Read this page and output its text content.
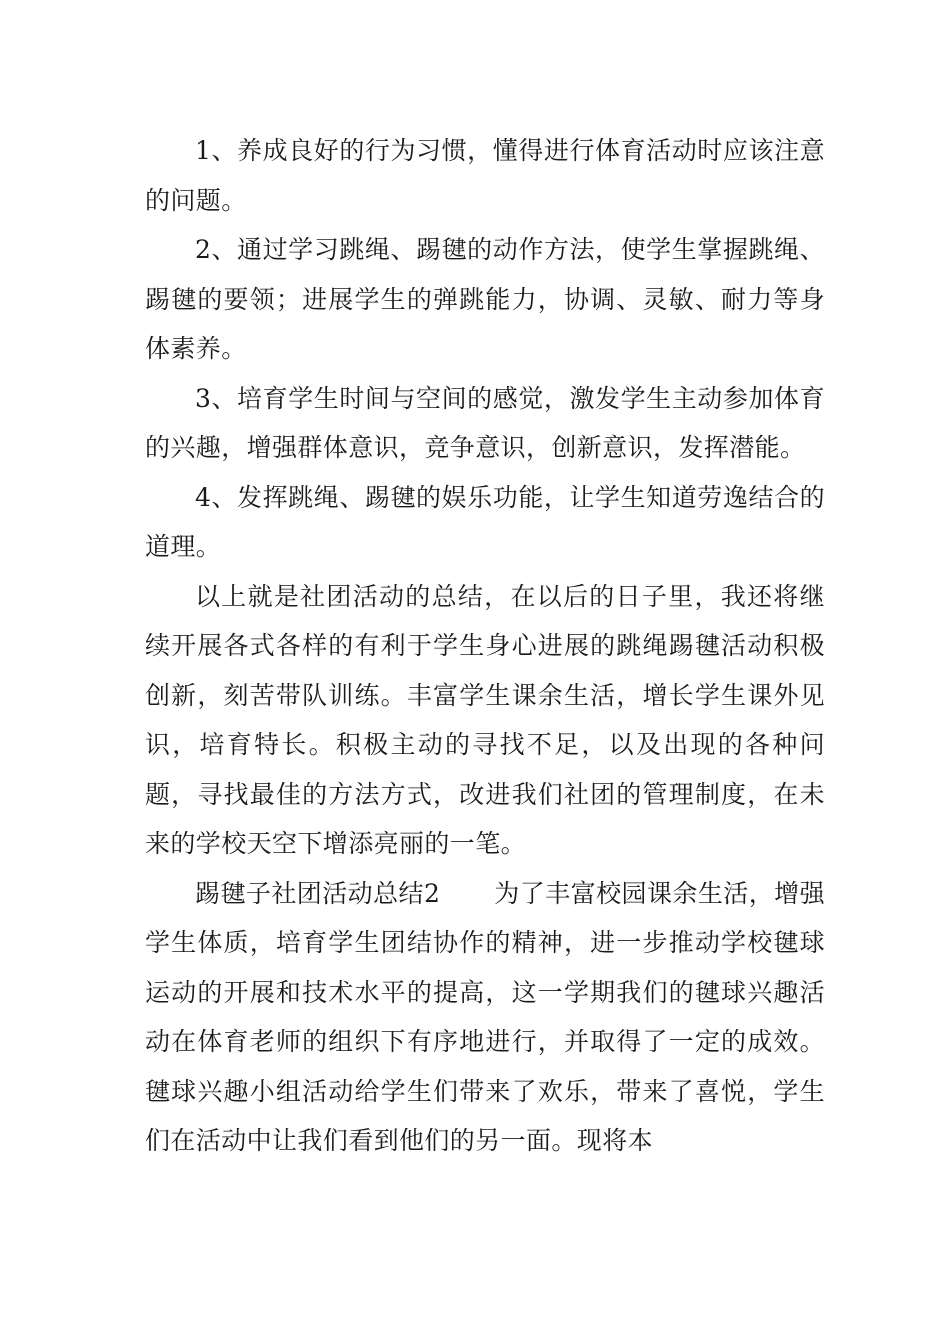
1、养成良好的行为习惯，懂得进行体育活动时应该注意的问题。

2、通过学习跳绳、踢毽的动作方法，使学生掌握跳绳、踢毽的要领；进展学生的弹跳能力，协调、灵敏、耐力等身体素养。

3、培育学生时间与空间的感觉，激发学生主动参加体育的兴趣，增强群体意识，竞争意识，创新意识，发挥潜能。

4、发挥跳绳、踢毽的娱乐功能，让学生知道劳逸结合的道理。

以上就是社团活动的总结，在以后的日子里，我还将继续开展各式各样的有利于学生身心进展的跳绳踢毽活动积极创新，刻苦带队训练。丰富学生课余生活，增长学生课外见识，培育特长。积极主动的寻找不足，以及出现的各种问题，寻找最佳的方法方式，改进我们社团的管理制度，在未来的学校天空下增添亮丽的一笔。

踢毽子社团活动总结2 为了丰富校园课余生活，增强学生体质，培育学生团结协作的精神，进一步推动学校毽球运动的开展和技术水平的提高，这一学期我们的毽球兴趣活动在体育老师的组织下有序地进行，并取得了一定的成效。毽球兴趣小组活动给学生们带来了欢乐，带来了喜悦，学生们在活动中让我们看到他们的另一面。现将本
